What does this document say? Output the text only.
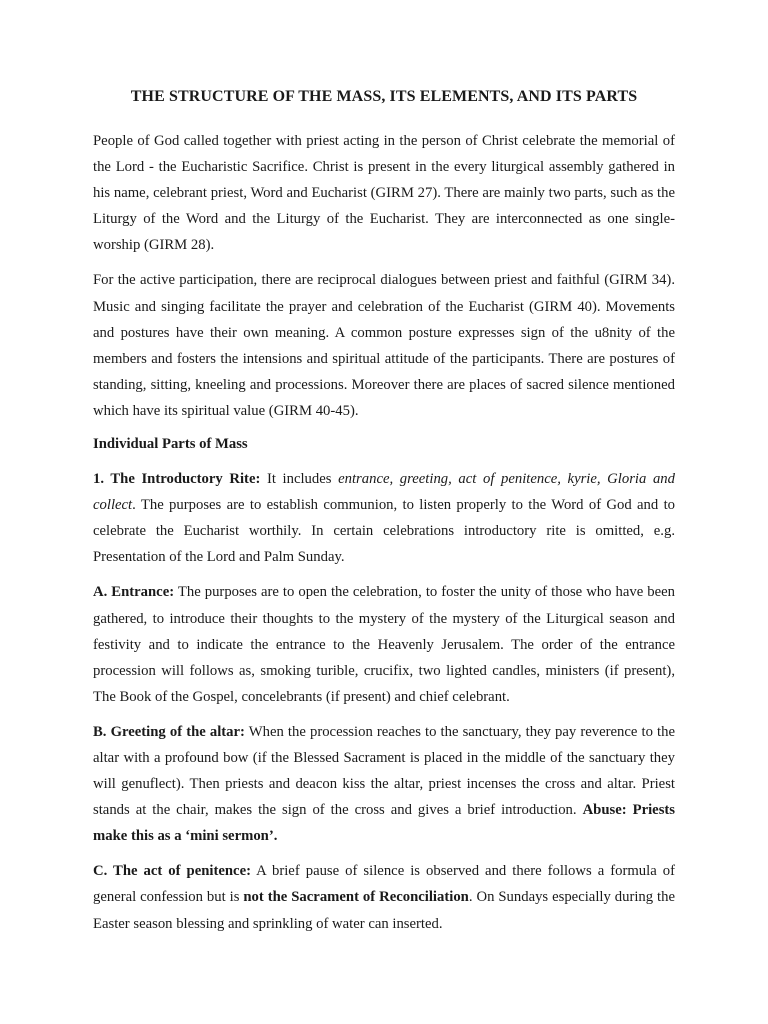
THE STRUCTURE OF THE MASS, ITS ELEMENTS, AND ITS PARTS

People of God called together with priest acting in the person of Christ celebrate the memorial of the Lord - the Eucharistic Sacrifice. Christ is present in the every liturgical assembly gathered in his name, celebrant priest, Word and Eucharist (GIRM 27). There are mainly two parts, such as the Liturgy of the Word and the Liturgy of the Eucharist. They are interconnected as one single-worship (GIRM 28).

For the active participation, there are reciprocal dialogues between priest and faithful (GIRM 34). Music and singing facilitate the prayer and celebration of the Eucharist (GIRM 40). Movements and postures have their own meaning. A common posture expresses sign of the u8nity of the members and fosters the intensions and spiritual attitude of the participants. There are postures of standing, sitting, kneeling and processions. Moreover there are places of sacred silence mentioned which have its spiritual value (GIRM 40-45).

Individual Parts of Mass

1. The Introductory Rite: It includes entrance, greeting, act of penitence, kyrie, Gloria and collect. The purposes are to establish communion, to listen properly to the Word of God and to celebrate the Eucharist worthily. In certain celebrations introductory rite is omitted, e.g. Presentation of the Lord and Palm Sunday.

A. Entrance: The purposes are to open the celebration, to foster the unity of those who have been gathered, to introduce their thoughts to the mystery of the mystery of the Liturgical season and festivity and to indicate the entrance to the Heavenly Jerusalem. The order of the entrance procession will follows as, smoking turible, crucifix, two lighted candles, ministers (if present), The Book of the Gospel, concelebrants (if present) and chief celebrant.

B. Greeting of the altar: When the procession reaches to the sanctuary, they pay reverence to the altar with a profound bow (if the Blessed Sacrament is placed in the middle of the sanctuary they will genuflect). Then priests and deacon kiss the altar, priest incenses the cross and altar. Priest stands at the chair, makes the sign of the cross and gives a brief introduction. Abuse: Priests make this as a ‘mini sermon’.

C. The act of penitence: A brief pause of silence is observed and there follows a formula of general confession but is not the Sacrament of Reconciliation. On Sundays especially during the Easter season blessing and sprinkling of water can inserted.
